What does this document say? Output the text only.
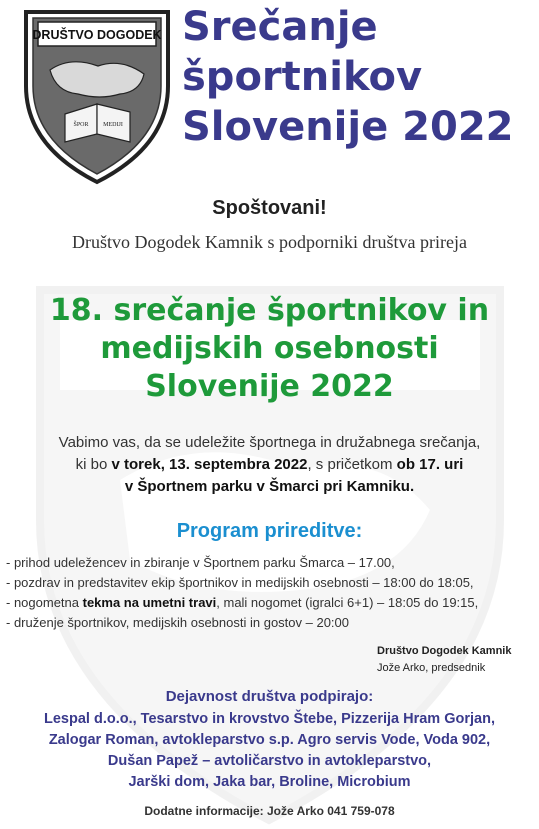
DRUŠTVO DOGODEK
ŠPOR MEDIJI
Srečanje
športnikov
Slovenije 2022
Spoštovani!
Društvo Dogodek Kamnik s podporniki društva prireja
18. srečanje športnikov in
medijskih osebnosti
Slovenije 2022
Vabimo vas, da se udeležite športnega in družabnega srečanja,
ki bo v torek, 13. septembra 2022, s pričetkom ob 17. uri
v Športnem parku v Šmarci pri Kamniku.
Program prireditve:
- prihod udeležencev in zbiranje v Športnem parku Šmarca – 17.00,
- pozdrav in predstavitev ekip športnikov in medijskih osebnosti – 18:00 do 18:05,
- nogometna tekma na umetni travi, mali nogomet (igralci 6+1) – 18:05 do 19:15,
- druženje športnikov, medijskih osebnosti in gostov – 20:00
Društvo Dogodek Kamnik
Jože Arko, predsednik
Dejavnost društva podpirajo:
Lespal d.o.o., Tesarstvo in krovstvo Štebe, Pizzerija Hram Gorjan,
Zalogar Roman, avtokleparstvo s.p. Agro servis Vode, Voda 902,
Dušan Papež – avtoličarstvo in avtokleparstvo,
Jarški dom, Jaka bar, Broline, Microbium
Dodatne informacije: Jože Arko 041 759-078
